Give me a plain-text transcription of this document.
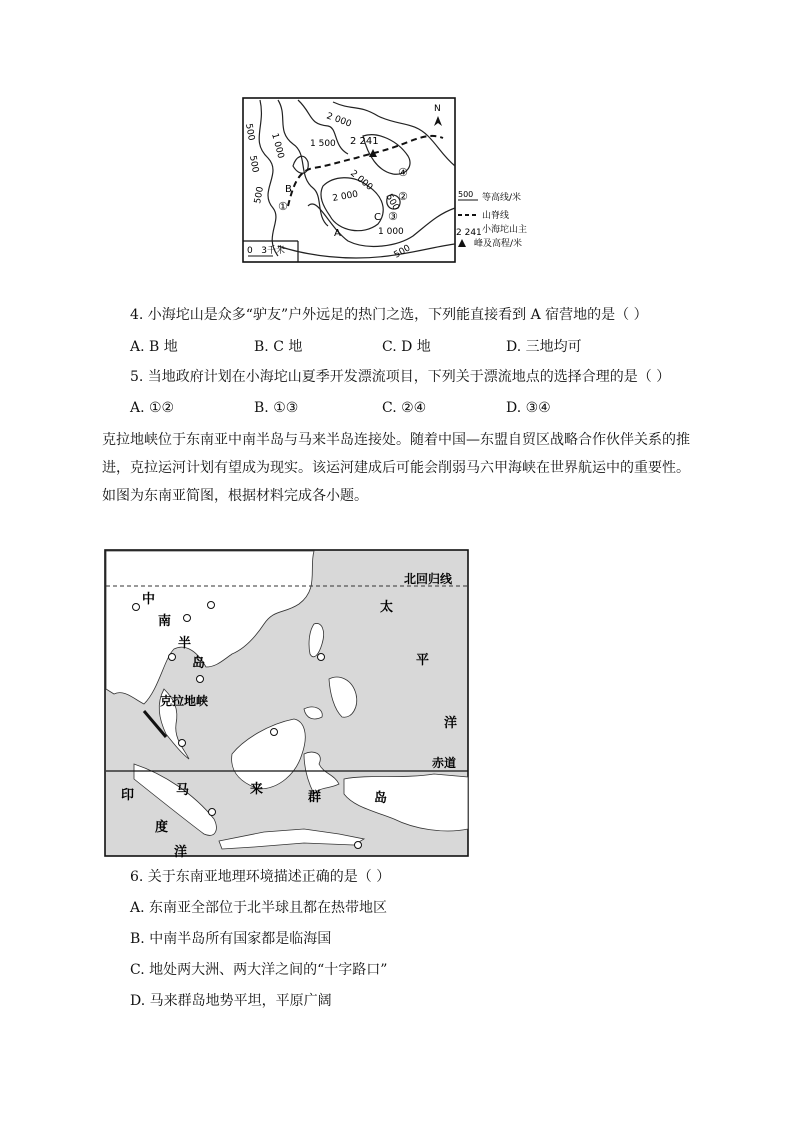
N
500
500
500	500
500
1 000
1 000
1 500
2 000
2 000
2 000
2 241
A
B
C
①
②
③
④
0   3千米
500 等高线/米
山脊线
2 241 小海坨山主
峰及高程/米
4. 小海坨山是众多“驴友”户外远足的热门之选，下列能直接看到 A 宿营地的是（ ）
A. B 地	B. C 地	C. D 地	D. 三地均可
5. 当地政府计划在小海坨山夏季开发漂流项目，下列关于漂流地点的选择合理的是（ ）
A. ①②	B. ①③	C. ②④	D. ③④
克拉地峡位于东南亚中南半岛与马来半岛连接处。随着中国—东盟自贸区战略合作伙伴关系的推
进，克拉运河计划有望成为现实。该运河建成后可能会削弱马六甲海峡在世界航运中的重要性。
如图为东南亚简图，根据材料完成各小题。
北回归线
赤道
太
平
洋
印
度
洋
中
南
半
岛
克拉地峡
马	来
群	岛
6. 关于东南亚地理环境描述正确的是（ ）
A. 东南亚全部位于北半球且都在热带地区
B. 中南半岛所有国家都是临海国
C. 地处两大洲、两大洋之间的“十字路口”
D. 马来群岛地势平坦，平原广阔
